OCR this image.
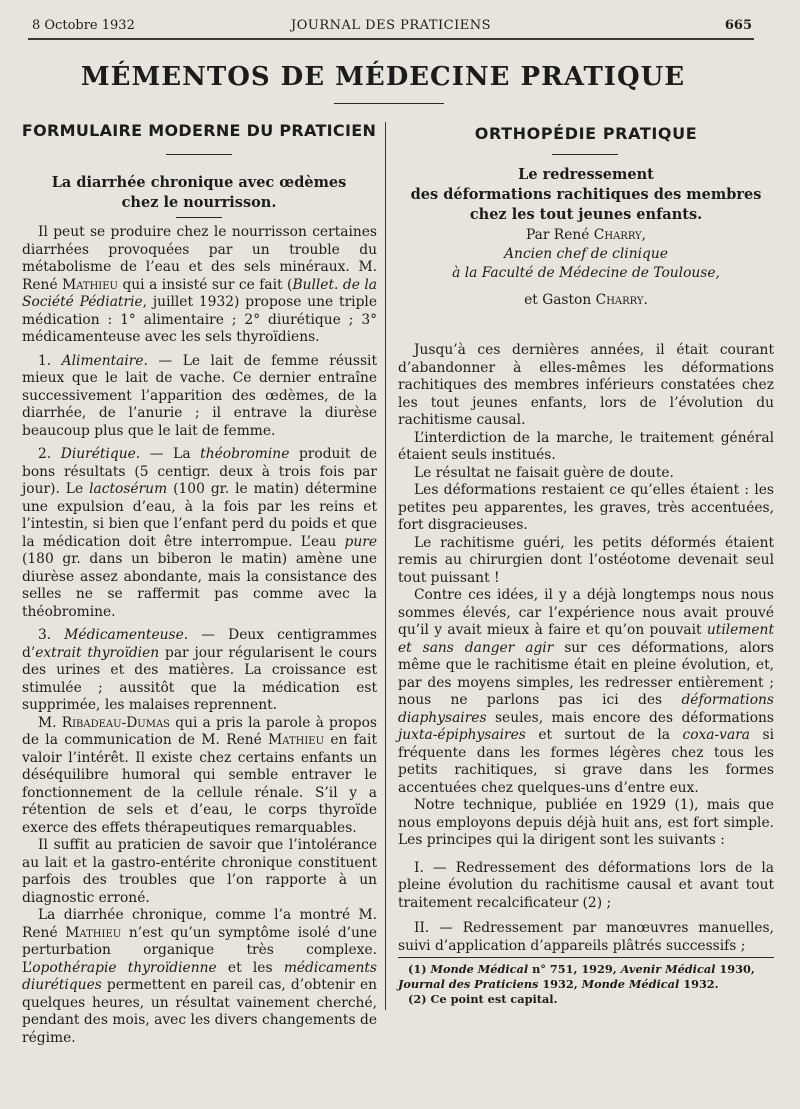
8 Octobre 1932	JOURNAL DES PRATICIENS	665
MÉMENTOS DE MÉDECINE PRATIQUE
FORMULAIRE MODERNE DU PRATICIEN
La diarrhée chronique avec œdèmes
chez le nourrisson.

Il peut se produire chez le nourrisson certaines diarrhées provoquées par un trouble du métabolisme de l’eau et des sels minéraux. M. René Mathieu qui a insisté sur ce fait (Bullet. de la Société Pédiatrie, juillet 1932) propose une triple médication : 1° alimentaire ; 2° diurétique ; 3° médicamenteuse avec les sels thyroïdiens.

1. Alimentaire. — Le lait de femme réussit mieux que le lait de vache. Ce dernier entraîne successivement l’apparition des œdèmes, de la diarrhée, de l’anurie ; il entrave la diurèse beaucoup plus que le lait de femme.

2. Diurétique. — La théobromine produit de bons résultats (5 centigr. deux à trois fois par jour). Le lactosérum (100 gr. le matin) détermine une expulsion d’eau, à la fois par les reins et l’intestin, si bien que l’enfant perd du poids et que la médication doit être interrompue. L’eau pure (180 gr. dans un biberon le matin) amène une diurèse assez abondante, mais la consistance des selles ne se raffermit pas comme avec la théobromine.

3. Médicamenteuse. — Deux centigrammes d’extrait thyroïdien par jour régularisent le cours des urines et des matières. La croissance est stimulée ; aussitôt que la médication est supprimée, les malaises reprennent.

M. Ribadeau-Dumas qui a pris la parole à propos de la communication de M. René Mathieu en fait valoir l’intérêt. Il existe chez certains enfants un déséquilibre humoral qui semble entraver le fonctionnement de la cellule rénale. S’il y a rétention de sels et d’eau, le corps thyroïde exerce des effets thérapeutiques remarquables.

Il suffit au praticien de savoir que l’intolérance au lait et la gastro-entérite chronique constituent parfois des troubles que l’on rapporte à un diagnostic erroné.

La diarrhée chronique, comme l’a montré M. René Mathieu n’est qu’un symptôme isolé d’une perturbation organique très complexe. L’opothérapie thyroïdienne et les médicaments diurétiques permettent en pareil cas, d’obtenir en quelques heures, un résultat vainement cherché, pendant des mois, avec les divers changements de régime.

ORTHOPÉDIE PRATIQUE
Le redressement
des déformations rachitiques des membres
chez les tout jeunes enfants.
Par René Charry,
Ancien chef de clinique
à la Faculté de Médecine de Toulouse,
et Gaston Charry.

Jusqu’à ces dernières années, il était courant d’abandonner à elles-mêmes les déformations rachitiques des membres inférieurs constatées chez les tout jeunes enfants, lors de l’évolution du rachitisme causal.

L’interdiction de la marche, le traitement général étaient seuls institués.

Le résultat ne faisait guère de doute.

Les déformations restaient ce qu’elles étaient : les petites peu apparentes, les graves, très accentuées, fort disgracieuses.

Le rachitisme guéri, les petits déformés étaient remis au chirurgien dont l’ostéotome devenait seul tout puissant !

Contre ces idées, il y a déjà longtemps nous nous sommes élevés, car l’expérience nous avait prouvé qu’il y avait mieux à faire et qu’on pouvait utilement et sans danger agir sur ces déformations, alors même que le rachitisme était en pleine évolution, et, par des moyens simples, les redresser entièrement ; nous ne parlons pas ici des déformations diaphysaires seules, mais encore des déformations juxta-épiphysaires et surtout de la coxa-vara si fréquente dans les formes légères chez tous les petits rachitiques, si grave dans les formes accentuées chez quelques-uns d’entre eux.

Notre technique, publiée en 1929 (1), mais que nous employons depuis déjà huit ans, est fort simple. Les principes qui la dirigent sont les suivants :

I. — Redressement des déformations lors de la pleine évolution du rachitisme causal et avant tout traitement recalcificateur (2) ;

II. — Redressement par manœuvres manuelles, suivi d’application d’appareils plâtrés successifs ;

(1) Monde Médical n° 751, 1929, Avenir Médical 1930, Journal des Praticiens 1932, Monde Médical 1932.
(2) Ce point est capital.
